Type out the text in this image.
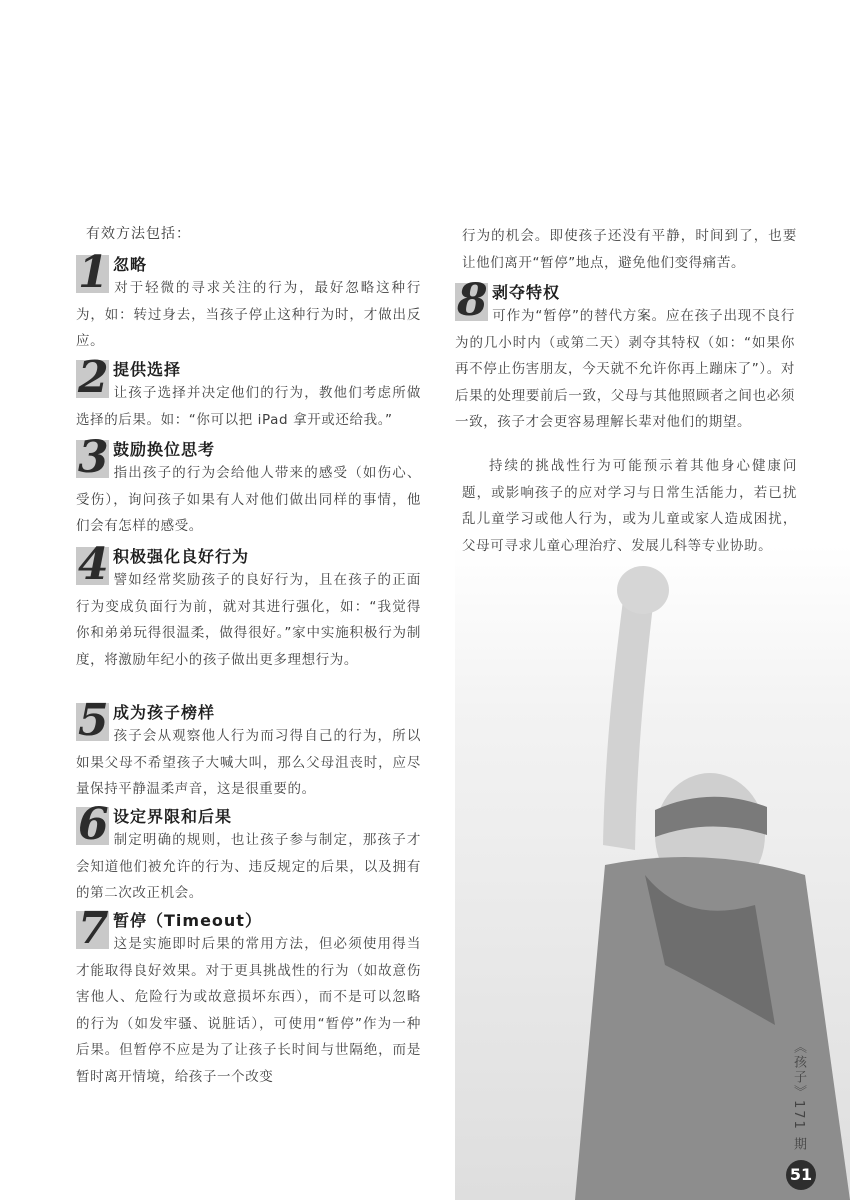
有效方法包括：
1 忽略
对于轻微的寻求关注的行为，最好忽略这种行为，如：转过身去，当孩子停止这种行为时，才做出反应。
2 提供选择
让孩子选择并决定他们的行为，教他们考虑所做选择的后果。如：“你可以把 iPad 拿开或还给我。”
3 鼓励换位思考
指出孩子的行为会给他人带来的感受（如伤心、受伤），询问孩子如果有人对他们做出同样的事情，他们会有怎样的感受。
4 积极强化良好行为
譬如经常奖励孩子的良好行为，且在孩子的正面行为变成负面行为前，就对其进行强化，如：“我觉得你和弟弟玩得很温柔，做得很好。”家中实施积极行为制度，将激励年纪小的孩子做出更多理想行为。
5 成为孩子榜样
孩子会从观察他人行为而习得自己的行为，所以如果父母不希望孩子大喊大叫，那么父母沮丧时，应尽量保持平静温柔声音，这是很重要的。
6 设定界限和后果
制定明确的规则，也让孩子参与制定，那孩子才会知道他们被允许的行为、违反规定的后果，以及拥有的第二次改正机会。
7 暂停（Timeout）
这是实施即时后果的常用方法，但必须使用得当才能取得良好效果。对于更具挑战性的行为（如故意伤害他人、危险行为或故意损坏东西），而不是可以忽略的行为（如发牢骚、说脏话），可使用“暂停”作为一种后果。但暂停不应是为了让孩子长时间与世隔绝，而是暂时离开情境，给孩子一个改变
行为的机会。即使孩子还没有平静，时间到了，也要让他们离开“暂停”地点，避免他们变得痛苦。
8 剥夺特权
可作为“暂停”的替代方案。应在孩子出现不良行为的几小时内（或第二天）剥夺其特权（如：“如果你再不停止伤害朋友，今天就不允许你再上蹦床了”）。对后果的处理要前后一致，父母与其他照顾者之间也必须一致，孩子才会更容易理解长辈对他们的期望。
持续的挑战性行为可能预示着其他身心健康问题，或影响孩子的应对学习与日常生活能力，若已扰乱儿童学习或他人行为，或为儿童或家人造成困扰，父母可寻求儿童心理治疗、发展儿科等专业协助。
《孩子》171 期
51
